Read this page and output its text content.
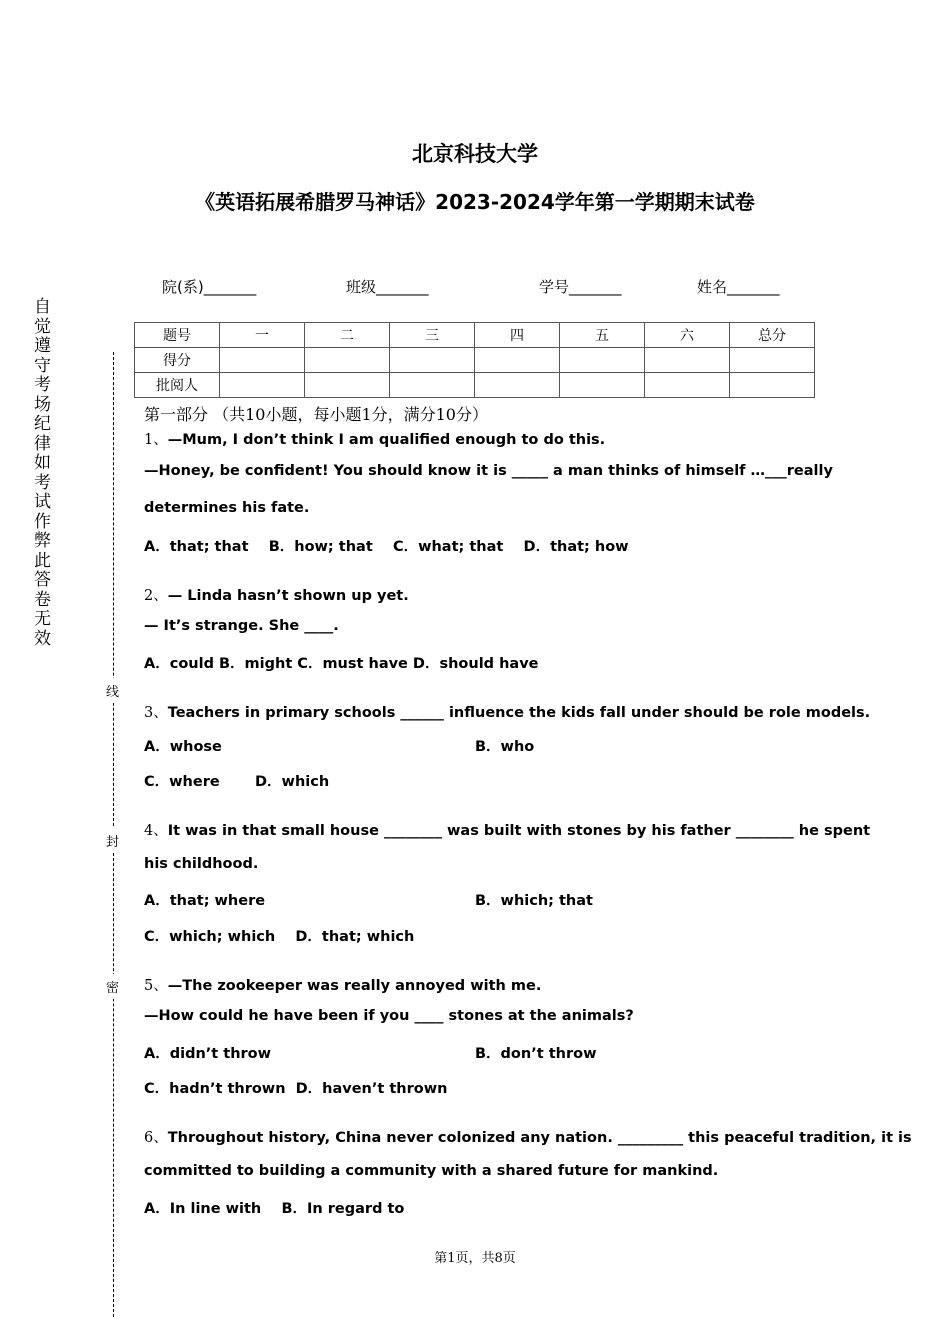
北京科技大学
《英语拓展希腊罗马神话》2023-2024学年第一学期期末试卷
院(系)_______	班级_______	学号_______	姓名_______
自觉遵守考场纪律如考试作弊此答卷无效
线
封
密
题号	一	二	三	四	五	六	总分
得分							
批阅人							
第一部分 （共10小题，每小题1分，满分10分）
1、—Mum, I don’t think I am qualified enough to do this.
—Honey, be confident! You should know it is _____ a man thinks of himself …___really
determines his fate.
A．that; that    B．how; that    C．what; that    D．that; how
2、— Linda hasn’t shown up yet.
— It’s strange. She ____.
A．could B．might C．must have D．should have
3、Teachers in primary schools ______ influence the kids fall under should be role models.
A．whose	B．who
C．where       D．which
4、It was in that small house ________ was built with stones by his father ________ he spent
his childhood.
A．that; where	B．which; that
C．which; which    D．that; which
5、—The zookeeper was really annoyed with me.
—How could he have been if you ____ stones at the animals?
A．didn’t throw	B．don’t throw
C．hadn’t thrown  D．haven’t thrown
6、Throughout history, China never colonized any nation. _________ this peaceful tradition, it is
committed to building a community with a shared future for mankind.
A．In line with    B．In regard to
第1页，共8页
